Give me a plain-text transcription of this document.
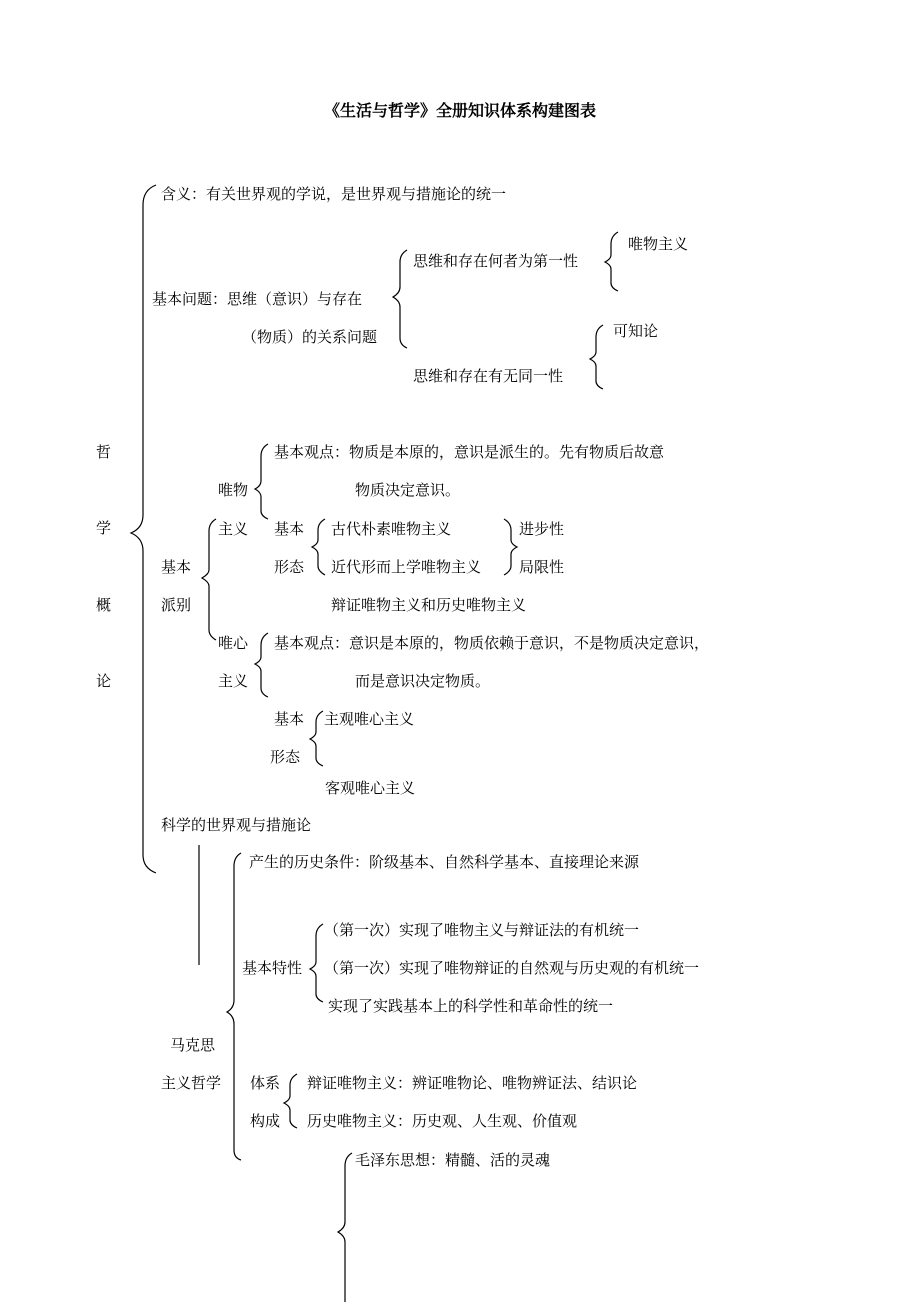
《生活与哲学》全册知识体系构建图表
哲
学
概
论
含义：有关世界观的学说，是世界观与措施论的统一
基本问题：思维（意识）与存在
（物质）的关系问题
思维和存在何者为第一性
唯物主义
思维和存在有无同一性
可知论
基本
派别
唯物
主义
基本观点：物质是本原的，意识是派生的。先有物质后故意
物质决定意识。
基本
形态
古代朴素唯物主义
近代形而上学唯物主义
辩证唯物主义和历史唯物主义
进步性
局限性
唯心
主义
基本观点：意识是本原的，物质依赖于意识，不是物质决定意识，
而是意识决定物质。
基本
形态
主观唯心主义
客观唯心主义
科学的世界观与措施论
马克思
主义哲学
产生的历史条件：阶级基本、自然科学基本、直接理论来源
基本特性
（第一次）实现了唯物主义与辩证法的有机统一
（第一次）实现了唯物辩证的自然观与历史观的有机统一
实现了实践基本上的科学性和革命性的统一
体系
构成
辩证唯物主义：辨证唯物论、唯物辨证法、结识论
历史唯物主义：历史观、人生观、价值观
毛泽东思想：精髓、活的灵魂
